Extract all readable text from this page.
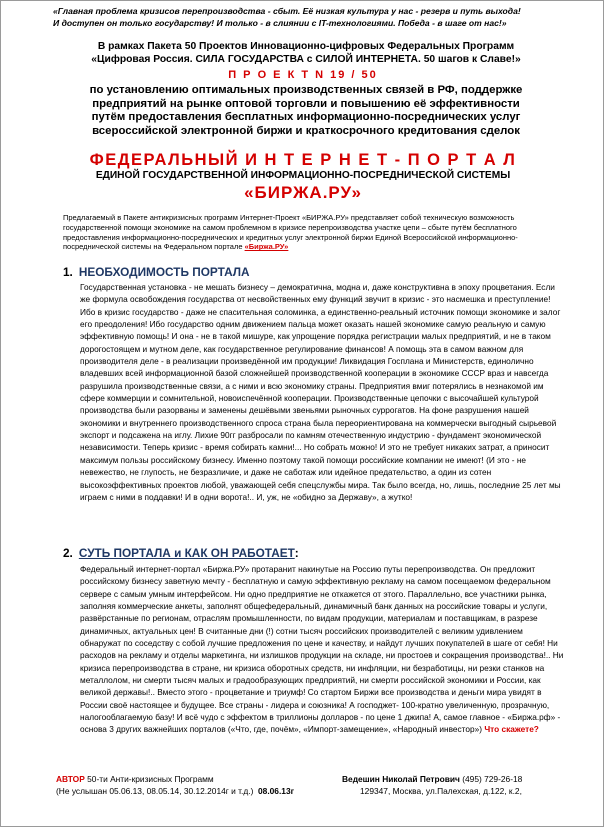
«Главная проблема кризисов перепроизводства - сбыт. Её низкая культура у нас - резерв и путь выхода!
И доступен он только государству! И только - в слиянии с IT-технологиями. Победа - в шаге от нас!»
В рамках Пакета 50 Проектов Инновационно-цифровых Федеральных Программ
«Цифровая Россия. СИЛА ГОСУДАРСТВА с СИЛОЙ ИНТЕРНЕТА. 50 шагов к Славе!»
П Р О Е К Т N 19 / 50
по установлению оптимальных производственных связей в РФ, поддержке
предприятий на рынке оптовой торговли и повышению её эффективности
путём предоставления бесплатных информационно-посреднических услуг
всероссийской электронной биржи и краткосрочного кредитования сделок
ФЕДЕРАЛЬНЫЙ И Н Т Е Р Н Е Т - П О Р Т А Л
ЕДИНОЙ ГОСУДАРСТВЕННОЙ ИНФОРМАЦИОННО-ПОСРЕДНИЧЕСКОЙ СИСТЕМЫ
«БИРЖА.РУ»
Предлагаемый в Пакете антикризисных программ Интернет-Проект «БИРЖА.РУ» представляет собой техническую возможность государственной помощи экономике на самом проблемном в кризисе перепроизводства участке цепи – сбыте путём бесплатного предоставления информационно-посреднических и кредитных услуг электронной биржи Единой Всероссийской информационно-посреднической системы на Федеральном портале «Биржа.РУ»
1. НЕОБХОДИМОСТЬ ПОРТАЛА
Государственная установка - не мешать бизнесу – демократична, модна и, даже конструктивна в эпоху процветания. Если же формула освобождения государства от несвойственных ему функций звучит в кризис - это насмешка и преступление! Ибо в кризис государство - даже не спасительная соломинка, а единственно-реальный источник помощи экономике и залог его преодоления! Ибо государство одним движением пальца может оказать нашей экономике самую реальную и самую эффективную помощь! И она - не в такой мишуре, как упрощение порядка регистрации малых предприятий, и не в таком дорогостоящем и мутном деле, как государственное регулирование финансов! А помощь эта в самом важном для производителя деле - в реализации произведённой им продукции! Ликвидация Госплана и Министерств, единолично владевших всей информационной базой сложнейшей производственной кооперации в экономике СССР враз и навсегда разрушила производственные связи, а с ними и всю экономику страны. Предприятия вмиг потерялись в незнакомой им сфере коммерции и сомнительной, новоиспечённой кооперации. Производственные цепочки с высочайшей культурой производства были разорваны и заменены дешёвыми звеньями рыночных суррогатов. На фоне разрушения нашей экономики и внутреннего производственного спроса страна была переориентирована на коммерчески выгодный сырьевой экспорт и подсажена на иглу. Лихие 90гг разбросали по камням отечественную индустрию - фундамент экономической независимости. Теперь кризис - время собирать камни!... Но собрать можно! И это не требует никаких затрат, а приносит максимум пользы российскому бизнесу. Именно поэтому такой помощи российские компании не имеют! (И это - не невежество, не глупость, не безразличие, и даже не саботаж или идейное предательство, а один из сотен высокоэффективных проектов любой, уважающей себя спецслужбы мира. Так было всегда, но, лишь, последние 25 лет мы играем с ними в поддавки! И в одни ворота!.. И, уж, не «обидно за Державу», а жутко!
2. СУТЬ ПОРТАЛА и КАК ОН РАБОТАЕТ:
Федеральный интернет-портал «Биржа.РУ» протаранит накинутые на Россию путы перепроизводства. Он предложит российскому бизнесу заветную мечту - бесплатную и самую эффективную рекламу на самом посещаемом федеральном сервере с самым умным интерфейсом. Ни одно предприятие не откажется от этого. Параллельно, все участники рынка, заполняя коммерческие анкеты, заполнят общефедеральный, динамичный банк данных на российские товары и услуги, развёрстанные по регионам, отраслям промышленности, по видам продукции, материалам и поставщикам, в разрезе динамичных, актуальных цен! В считанные дни (!) сотни тысяч российских производителей с великим удивлением обнаружат по соседству с собой лучшие предложения по цене и качеству, и найдут лучших покупателей в шаге от себя! Ни расходов на рекламу и отделы маркетинга, ни излишков продукции на складе, ни простоев и сокращения производства!.. Ни кризиса перепроизводства в стране, ни кризиса оборотных средств, ни инфляции, ни безработицы, ни резки станков на металлолом, ни смерти тысяч малых и градообразующих предприятий, ни смерти российской экономики и России, как великой державы!.. Вместо этого - процветание и триумф! Со стартом Биржи все производства и деньги мира увидят в России своё настоящее и будущее. Все страны - лидера и союзника! А господжет- 100-кратно увеличенную, прозрачную, налогооблагаемую базу! И всё чудо с эффектом в триллионы долларов - по цене 1 джипа! А, самое главное - «Биржа.рф» - основа 3 других важнейших порталов («Что, где, почём», «Импорт-замещение», «Народный инвестор») Что скажете?
АВТОР 50-ти Анти-кризисных Программ	Ведешин Николай Петрович (495) 729-26-18
(Не услышан 05.06.13, 08.05.14, 30.12.2014г и т.д.) 08.06.13г	129347, Москва, ул.Палехская, д.122, к.2,
